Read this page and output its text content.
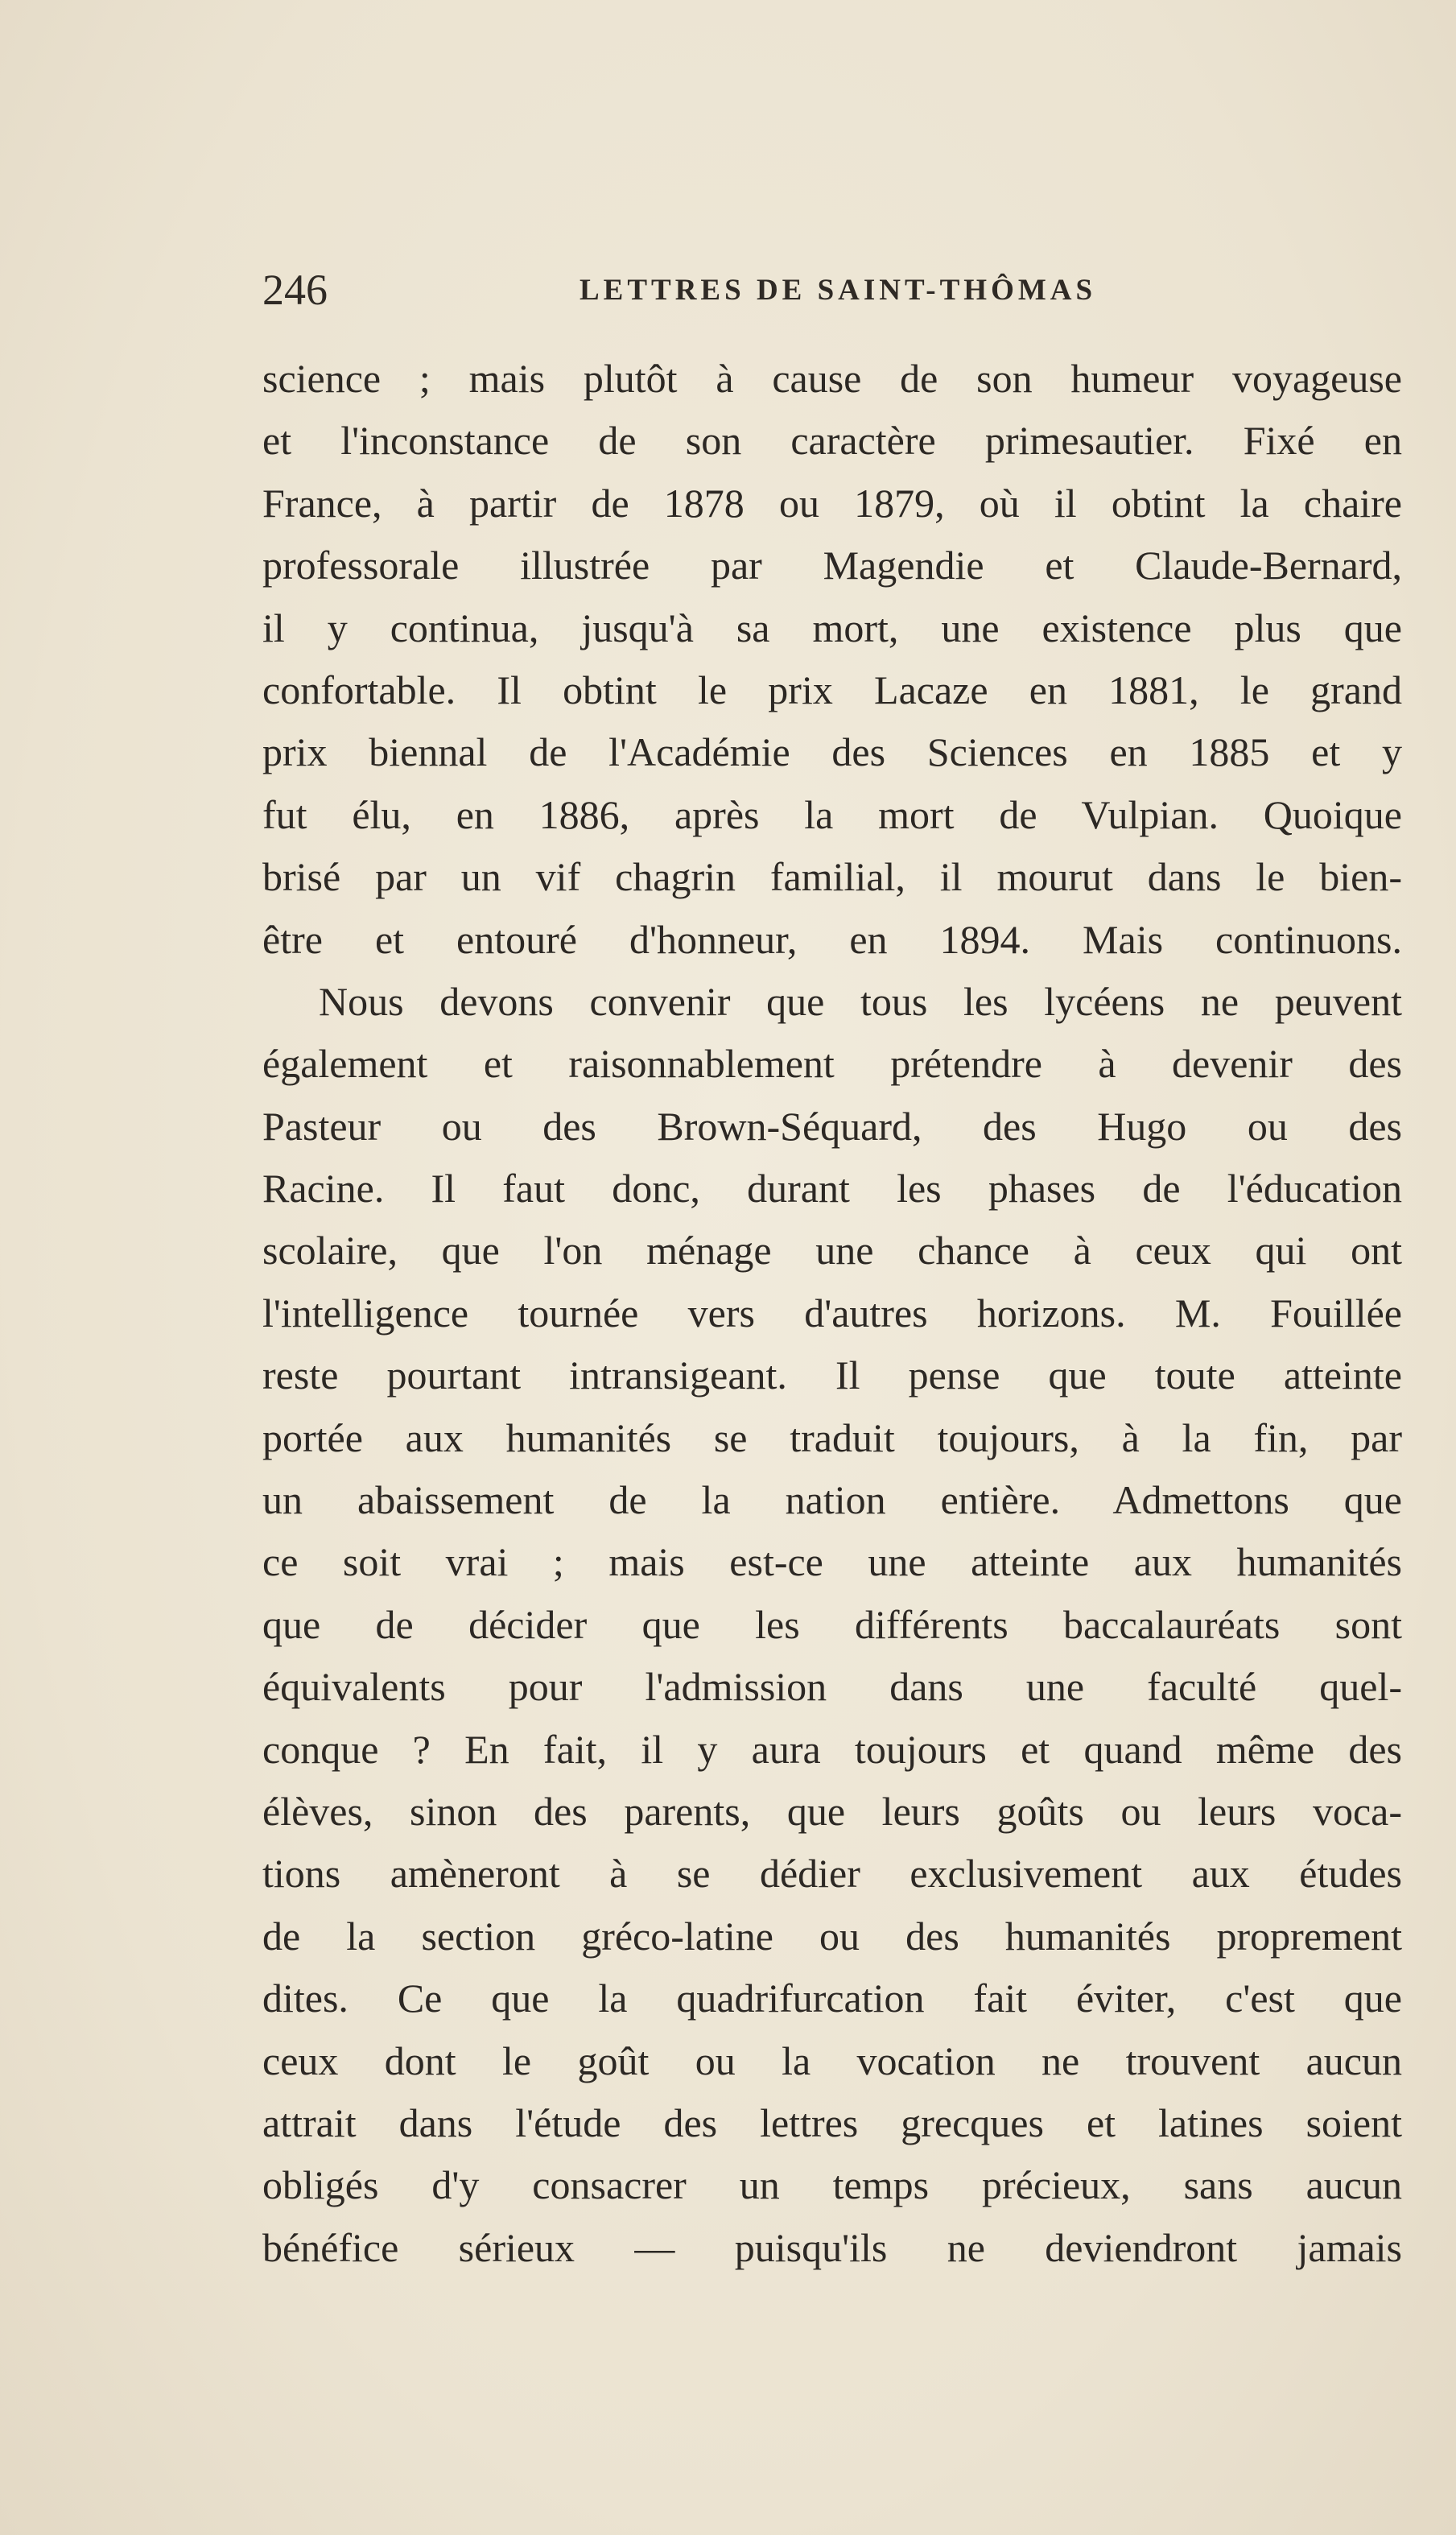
246	LETTRES DE SAINT-THÔMAS
science ; mais plutôt à cause de son humeur voyageuse
et l'inconstance de son caractère primesautier. Fixé en
France, à partir de 1878 ou 1879, où il obtint la chaire
professorale illustrée par Magendie et Claude-Bernard,
il y continua, jusqu'à sa mort, une existence plus que
confortable. Il obtint le prix Lacaze en 1881, le grand
prix biennal de l'Académie des Sciences en 1885 et y
fut élu, en 1886, après la mort de Vulpian. Quoique
brisé par un vif chagrin familial, il mourut dans le bien-
être et entouré d'honneur, en 1894. Mais continuons.
Nous devons convenir que tous les lycéens ne peuvent
également et raisonnablement prétendre à devenir des
Pasteur ou des Brown-Séquard, des Hugo ou des
Racine. Il faut donc, durant les phases de l'éducation
scolaire, que l'on ménage une chance à ceux qui ont
l'intelligence tournée vers d'autres horizons. M. Fouillée
reste pourtant intransigeant. Il pense que toute atteinte
portée aux humanités se traduit toujours, à la fin, par
un abaissement de la nation entière. Admettons que
ce soit vrai ; mais est-ce une atteinte aux humanités
que de décider que les différents baccalauréats sont
équivalents pour l'admission dans une faculté quel-
conque ? En fait, il y aura toujours et quand même des
élèves, sinon des parents, que leurs goûts ou leurs voca-
tions amèneront à se dédier exclusivement aux études
de la section gréco-latine ou des humanités proprement
dites. Ce que la quadrifurcation fait éviter, c'est que
ceux dont le goût ou la vocation ne trouvent aucun
attrait dans l'étude des lettres grecques et latines soient
obligés d'y consacrer un temps précieux, sans aucun
bénéfice sérieux — puisqu'ils ne deviendront jamais
